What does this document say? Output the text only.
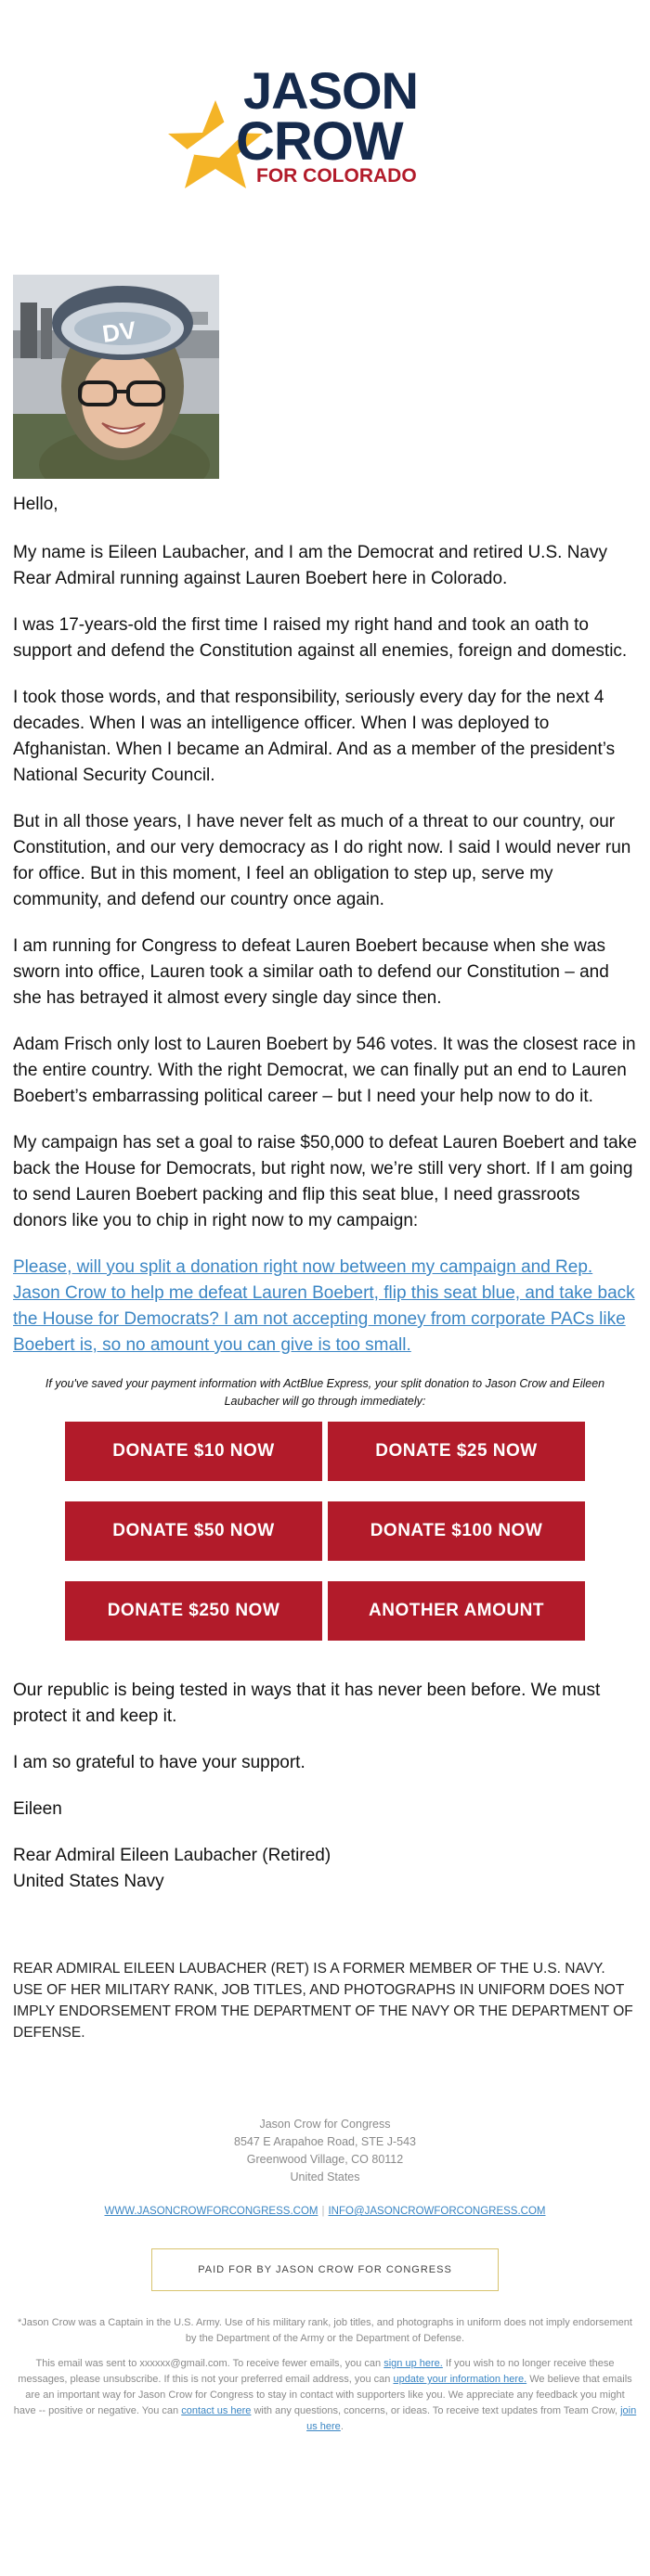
JASON
CROW
FOR COLORADO
DV

Hello,

My name is Eileen Laubacher, and I am the Democrat and retired U.S. Navy Rear Admiral running against Lauren Boebert here in Colorado.

I was 17-years-old the first time I raised my right hand and took an oath to support and defend the Constitution against all enemies, foreign and domestic.

I took those words, and that responsibility, seriously every day for the next 4 decades. When I was an intelligence officer. When I was deployed to Afghanistan. When I became an Admiral. And as a member of the president’s National Security Council.

But in all those years, I have never felt as much of a threat to our country, our Constitution, and our very democracy as I do right now. I said I would never run for office. But in this moment, I feel an obligation to step up, serve my community, and defend our country once again.

I am running for Congress to defeat Lauren Boebert because when she was sworn into office, Lauren took a similar oath to defend our Constitution – and she has betrayed it almost every single day since then.

Adam Frisch only lost to Lauren Boebert by 546 votes. It was the closest race in the entire country. With the right Democrat, we can finally put an end to Lauren Boebert’s embarrassing political career – but I need your help now to do it.

My campaign has set a goal to raise $50,000 to defeat Lauren Boebert and take back the House for Democrats, but right now, we’re still very short. If I am going to send Lauren Boebert packing and flip this seat blue, I need grassroots donors like you to chip in right now to my campaign:

Please, will you split a donation right now between my campaign and Rep. Jason Crow to help me defeat Lauren Boebert, flip this seat blue, and take back the House for Democrats? I am not accepting money from corporate PACs like Boebert is, so no amount you can give is too small.
If you've saved your payment information with ActBlue Express, your split donation to Jason Crow and Eileen Laubacher will go through immediately:
DONATE $10 NOW	DONATE $25 NOW
DONATE $50 NOW	DONATE $100 NOW
DONATE $250 NOW	ANOTHER AMOUNT

Our republic is being tested in ways that it has never been before. We must protect it and keep it.

I am so grateful to have your support.

Eileen

Rear Admiral Eileen Laubacher (Retired)

United States Navy

REAR ADMIRAL EILEEN LAUBACHER (RET) IS A FORMER MEMBER OF THE U.S. NAVY. USE OF HER MILITARY RANK, JOB TITLES, AND PHOTOGRAPHS IN UNIFORM DOES NOT IMPLY ENDORSEMENT FROM THE DEPARTMENT OF THE NAVY OR THE DEPARTMENT OF DEFENSE.
Jason Crow for Congress
8547 E Arapahoe Road, STE J-543
Greenwood Village, CO 80112
United States
WWW.JASONCROWFORCONGRESS.COM | INFO@JASONCROWFORCONGRESS.COM
PAID FOR BY JASON CROW FOR CONGRESS

*Jason Crow was a Captain in the U.S. Army. Use of his military rank, job titles, and photographs in uniform does not imply endorsement by the Department of the Army or the Department of Defense.

This email was sent to xxxxxx@gmail.com. To receive fewer emails, you can sign up here. If you wish to no longer receive these messages, please unsubscribe. If this is not your preferred email address, you can update your information here. We believe that emails are an important way for Jason Crow for Congress to stay in contact with supporters like you. We appreciate any feedback you might have -- positive or negative. You can contact us here with any questions, concerns, or ideas. To receive text updates from Team Crow, join us here.
